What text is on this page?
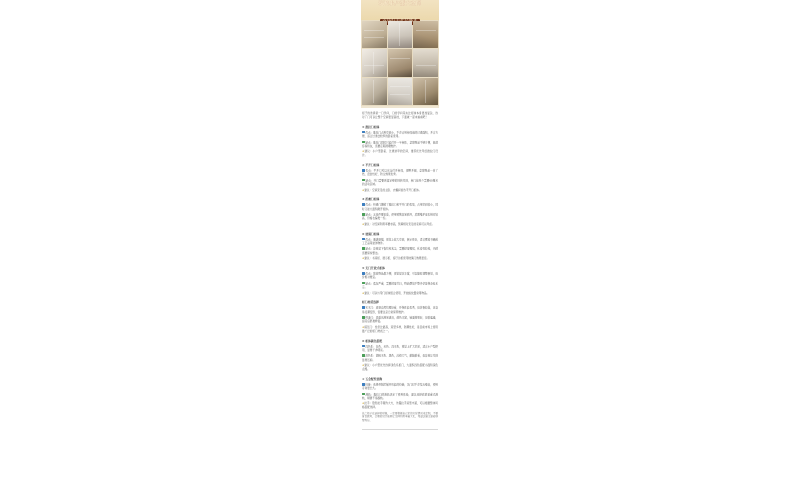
玩转小户型大空间

柜子的选择是一门学问，门的学问其实比柜体本身更加复杂，选对了门可以让整个空间更显高档，下面就一起来看看吧！

① 推拉门柜体
优点：推拉门占用空间小，不会占用柜体前的过道面积，开合方便，适合过道比较窄的卧室使用。
缺点：推拉门同时只能打开一半柜体，拿取物品不够方便，轨道容易积灰，需要定期清理维护。
★建议：小户型卧室、过道狭窄的空间，推荐优先考虑推拉门设计。
② 平开门柜体
优点：平开门可以完全打开柜体，视野开阔，拿取物品一目了然，密封性好，防尘效果优秀。
缺点：开门需要预留足够的回转空间，柜门前至少需要60厘米的活动区域。
★建议：空间充足的主卧、衣帽间首选平开门柜体。
③ 折叠门柜体
优点：折叠门兼顾了推拉门和平开门的优势，占用空间较小，同时又能大面积敞开柜体。
缺点：五金件要求高，使用频繁容易损坏，后期维护成本相对较高，价格也偏贵一些。
★建议：对空间利用率要求高，预算相对充足的家庭可以考虑。
④ 玻璃门柜体
优点：通透感强，视觉上放大空间，展示性好，适合摆放书籍或工艺品等装饰物件。
缺点：容易留下指纹和灰尘，需要经常擦拭，私密性较差，内部需要保持整洁。
★建议：书房柜、展示柜、客厅边柜使用玻璃门效果更佳。
⑤ 无门开放式柜体
优点：取放物品最方便，视觉层次丰富，可以随时调整格局，造价相对便宜。
缺点：落灰严重，需要经常打扫，物品摆放不整齐会显得杂乱无章。
★建议：可以与带门柜体组合使用，开放格放置常用物品。
柜门材质选择
实木门：质感自然纹理好看，环保性能优秀，但价格较高，且容易受潮变形，需要注意日常保养维护。
烤漆门：表面光滑易清洁，颜色丰富，镜面效果好，但怕磕碰，刮花后很难修复。
★模压门：性价比最高，造型多样，防潮性好，是目前市场上使用最广泛的柜门材质之一。
⑥ 柜体颜色搭配
浅色系：白色、米色、浅木色，视觉上扩大空间，适合小户型使用，显得干净明亮。
深色系：胡桃木色、黑色，沉稳大气，耐脏耐看，但容易让空间显得压抑。
★建议：小户型优先选择浅色系柜门，大面积浅色搭配小面积深色点缀。
⑦ 五金配件选购
铰链：选择带阻尼缓冲功能的铰链，关门时不会发出噪音，使用寿命更长久。
滑轨：推拉门的滑轨决定了使用体验，建议选择底部承重式滑轨，顺滑不易脱轨。
★拉手：隐形拉手简约大方，外露拉手造型丰富，可以根据整体风格搭配选择。

总之柜子在选择的时候，一定要根据自己家的实际情况来定制，不要盲目跟风，合理的设计能够让空间利用率最大化，希望这篇文章能够帮到你。
